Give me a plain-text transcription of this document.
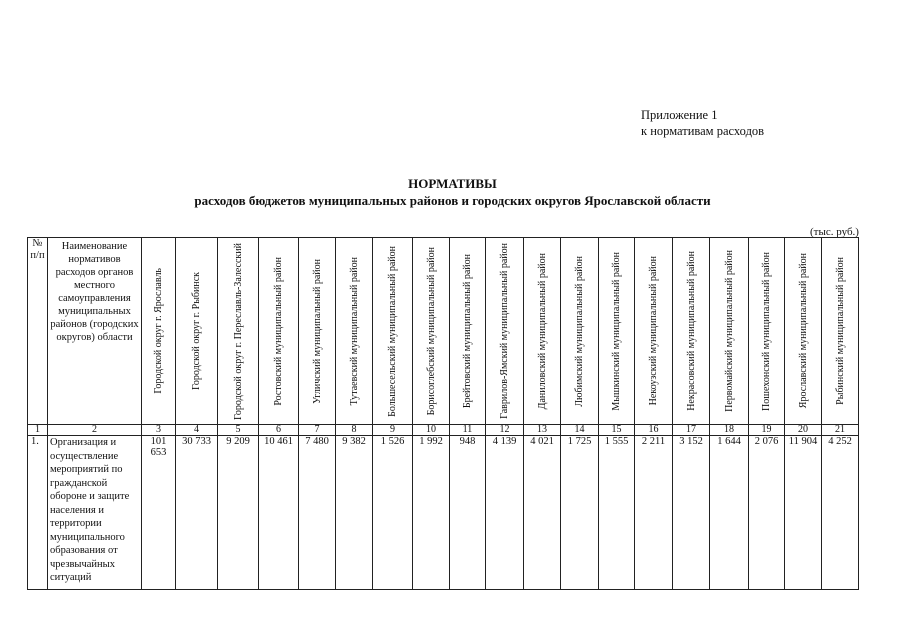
Приложение 1
к нормативам расходов
НОРМАТИВЫ
расходов бюджетов муниципальных районов и городских округов Ярославской области
(тыс. руб.)
№ п/п	Наименование нормативов расходов органов местного самоуправления муниципальных районов (городских округов) области	Городской округ г. Ярославль	Городской округ г. Рыбинск	Городской округ г. Переславль-Залесский	Ростовский муниципальный район	Угличский муниципальный район	Тутаевский муниципальный район	Большесельский муниципальный район	Борисоглебский муниципальный район	Брейтовский муниципальный район	Гаврилов-Ямский муниципальный район	Даниловский муниципальный район	Любимский муниципальный район	Мышкинский муниципальный район	Некоузский муниципальный район	Некрасовский муниципальный район	Первомайский муниципальный район	Пошехонский муниципальный район	Ярославский муниципальный район	Рыбинский муниципальный район

1	2	3	4	5	6	7	8	9	10	11	12	13	14	15	16	17	18	19	20	21
1.	Организация и осуществление мероприятий по гражданской обороне и защите населения и территории муниципального образования от чрезвычайных ситуаций	101 653	30 733	9 209	10 461	7 480	9 382	1 526	1 992	948	4 139	4 021	1 725	1 555	2 211	3 152	1 644	2 076	11 904	4 252
